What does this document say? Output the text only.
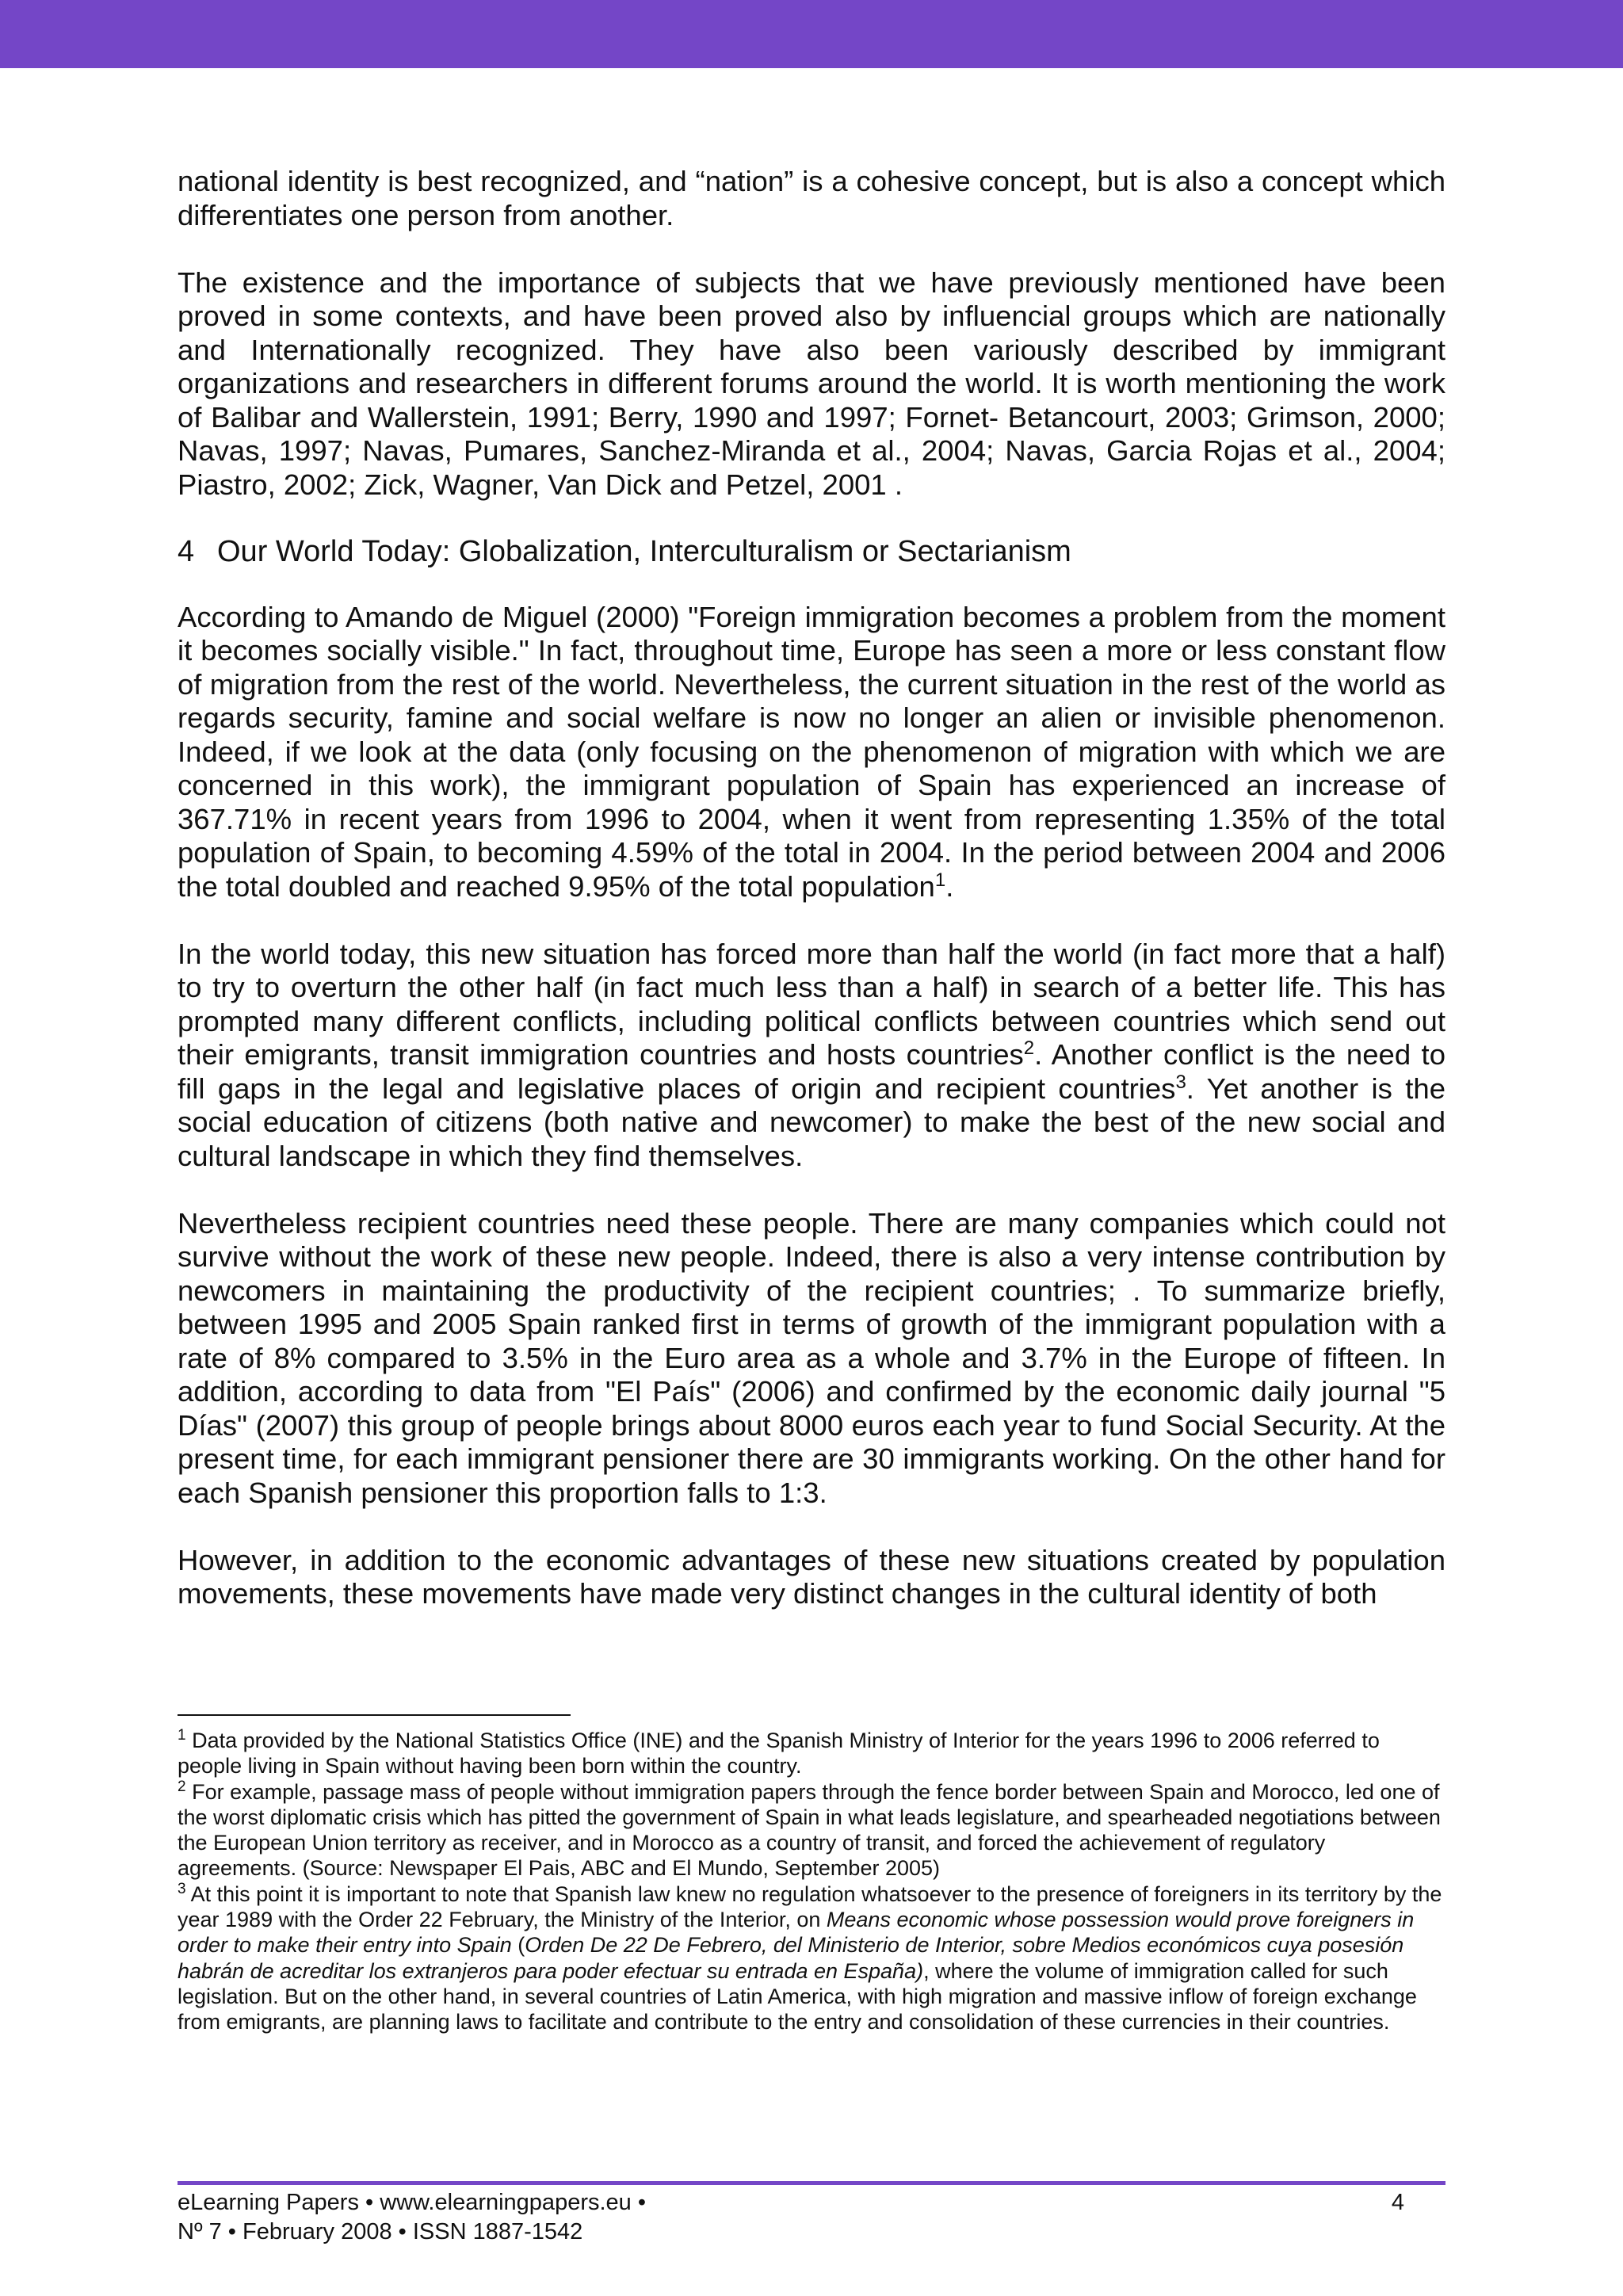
national identity is best recognized, and “nation” is a cohesive concept, but is also a concept which differentiates one person from another.

The existence and the importance of subjects that we have previously mentioned have been proved in some contexts, and have been proved also by influencial groups which are nationally and Internationally recognized. They have also been variously described by immigrant organizations and researchers in different forums around the world. It is worth mentioning the work of Balibar and Wallerstein, 1991; Berry, 1990 and 1997; Fornet- Betancourt, 2003; Grimson, 2000; Navas, 1997; Navas, Pumares, Sanchez-Miranda et al., 2004; Navas, Garcia Rojas et al., 2004; Piastro, 2002; Zick, Wagner, Van Dick and Petzel, 2001 .

4 Our World Today: Globalization, Interculturalism or Sectarianism

According to Amando de Miguel (2000) "Foreign immigration becomes a problem from the moment it becomes socially visible." In fact, throughout time, Europe has seen a more or less constant flow of migration from the rest of the world. Nevertheless, the current situation in the rest of the world as regards security, famine and social welfare is now no longer an alien or invisible phenomenon. Indeed, if we look at the data (only focusing on the phenomenon of migration with which we are concerned in this work), the immigrant population of Spain has experienced an increase of 367.71% in recent years from 1996 to 2004, when it went from representing 1.35% of the total population of Spain, to becoming 4.59% of the total in 2004. In the period between 2004 and 2006 the total doubled and reached 9.95% of the total population$^1$.

In the world today, this new situation has forced more than half the world (in fact more that a half) to try to overturn the other half (in fact much less than a half) in search of a better life. This has prompted many different conflicts, including political conflicts between countries which send out their emigrants, transit immigration countries and hosts countries$^2$. Another conflict is the need to fill gaps in the legal and legislative places of origin and recipient countries$^3$. Yet another is the social education of citizens (both native and newcomer) to make the best of the new social and cultural landscape in which they find themselves.

Nevertheless recipient countries need these people. There are many companies which could not survive without the work of these new people. Indeed, there is also a very intense contribution by newcomers in maintaining the productivity of the recipient countries; . To summarize briefly, between 1995 and 2005 Spain ranked first in terms of growth of the immigrant population with a rate of 8% compared to 3.5% in the Euro area as a whole and 3.7% in the Europe of fifteen. In addition, according to data from "El País" (2006) and confirmed by the economic daily journal "5 Días" (2007) this group of people brings about 8000 euros each year to fund Social Security. At the present time, for each immigrant pensioner there are 30 immigrants working. On the other hand for each Spanish pensioner this proportion falls to 1:3.

However, in addition to the economic advantages of these new situations created by population movements, these movements have made very distinct changes in the cultural identity of both

$^1$ Data provided by the National Statistics Office (INE) and the Spanish Ministry of Interior for the years 1996 to 2006 referred to people living in Spain without having been born within the country.

$^2$ For example, passage mass of people without immigration papers through the fence border between Spain and Morocco, led one of the worst diplomatic crisis which has pitted the government of Spain in what leads legislature, and spearheaded negotiations between the European Union territory as receiver, and in Morocco as a country of transit, and forced the achievement of regulatory agreements. (Source: Newspaper El Pais, ABC and El Mundo, September 2005)

$^3$ At this point it is important to note that Spanish law knew no regulation whatsoever to the presence of foreigners in its territory by the year 1989 with the Order 22 February, the Ministry of the Interior, on Means economic whose possession would prove foreigners in order to make their entry into Spain (Orden De 22 De Febrero, del Ministerio de Interior, sobre Medios económicos cuya posesión habrán de acreditar los extranjeros para poder efectuar su entrada en España), where the volume of immigration called for such legislation. But on the other hand, in several countries of Latin America, with high migration and massive inflow of foreign exchange from emigrants, are planning laws to facilitate and contribute to the entry and consolidation of these currencies in their countries.

eLearning Papers • www.elearningpapers.eu •
Nº 7 • February 2008 • ISSN 1887-1542
4
